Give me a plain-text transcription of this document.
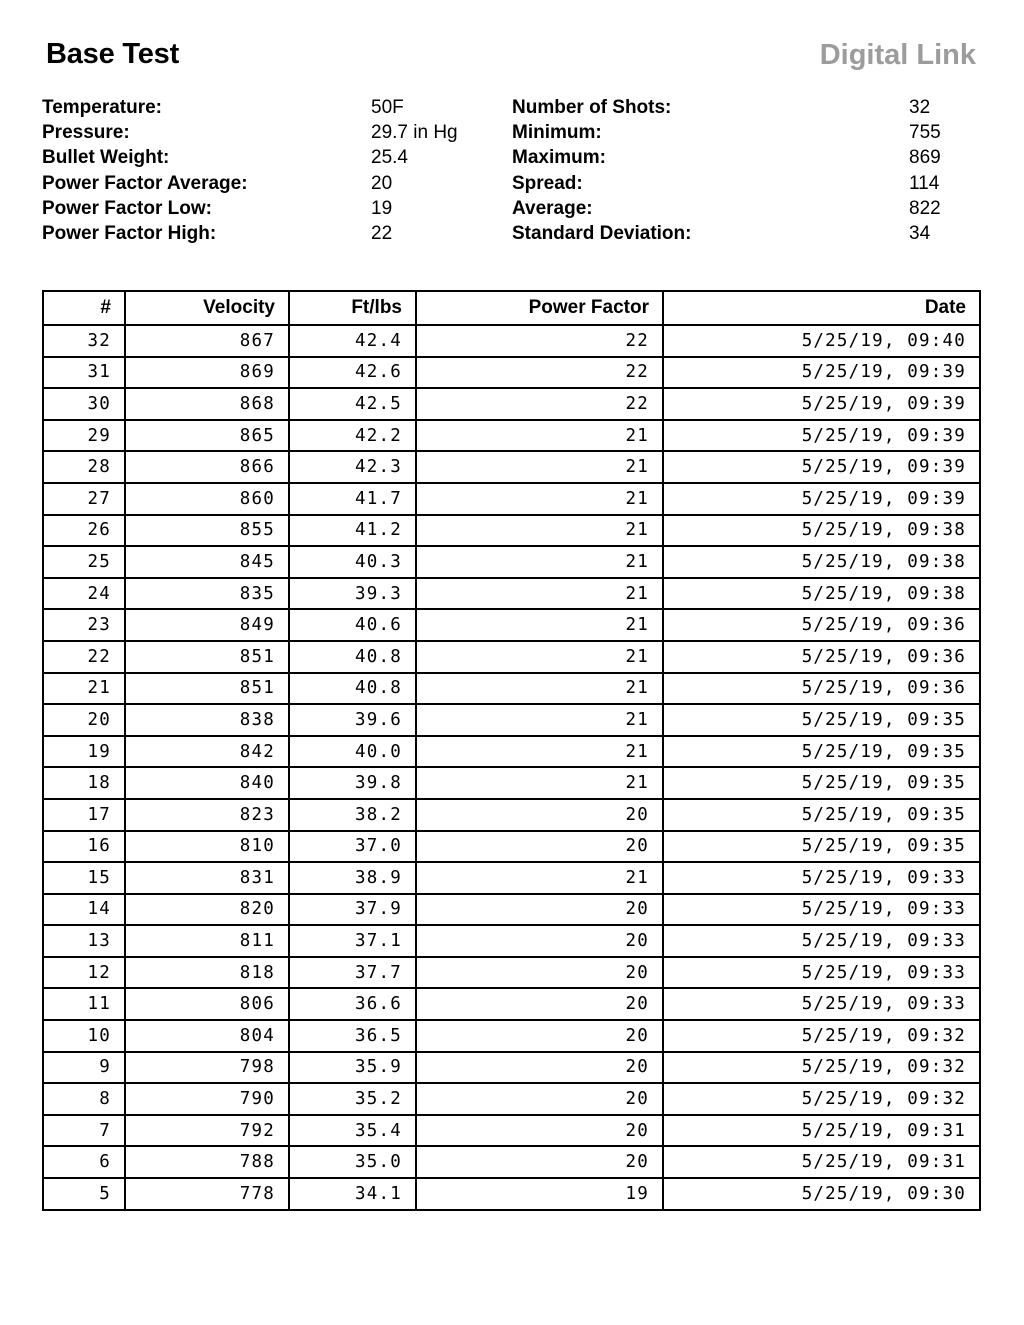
Base Test	Digital Link
Temperature:	50F
Pressure:	29.7 in Hg
Bullet Weight:	25.4
Power Factor Average:	20
Power Factor Low:	19
Power Factor High:	22
Number of Shots:	32
Minimum:	755
Maximum:	869
Spread:	114
Average:	822
Standard Deviation:	34
#	Velocity	Ft/lbs	Power Factor	Date
32	867	42.4	22	5/25/19, 09:40
31	869	42.6	22	5/25/19, 09:39
30	868	42.5	22	5/25/19, 09:39
29	865	42.2	21	5/25/19, 09:39
28	866	42.3	21	5/25/19, 09:39
27	860	41.7	21	5/25/19, 09:39
26	855	41.2	21	5/25/19, 09:38
25	845	40.3	21	5/25/19, 09:38
24	835	39.3	21	5/25/19, 09:38
23	849	40.6	21	5/25/19, 09:36
22	851	40.8	21	5/25/19, 09:36
21	851	40.8	21	5/25/19, 09:36
20	838	39.6	21	5/25/19, 09:35
19	842	40.0	21	5/25/19, 09:35
18	840	39.8	21	5/25/19, 09:35
17	823	38.2	20	5/25/19, 09:35
16	810	37.0	20	5/25/19, 09:35
15	831	38.9	21	5/25/19, 09:33
14	820	37.9	20	5/25/19, 09:33
13	811	37.1	20	5/25/19, 09:33
12	818	37.7	20	5/25/19, 09:33
11	806	36.6	20	5/25/19, 09:33
10	804	36.5	20	5/25/19, 09:32
9	798	35.9	20	5/25/19, 09:32
8	790	35.2	20	5/25/19, 09:32
7	792	35.4	20	5/25/19, 09:31
6	788	35.0	20	5/25/19, 09:31
5	778	34.1	19	5/25/19, 09:30
